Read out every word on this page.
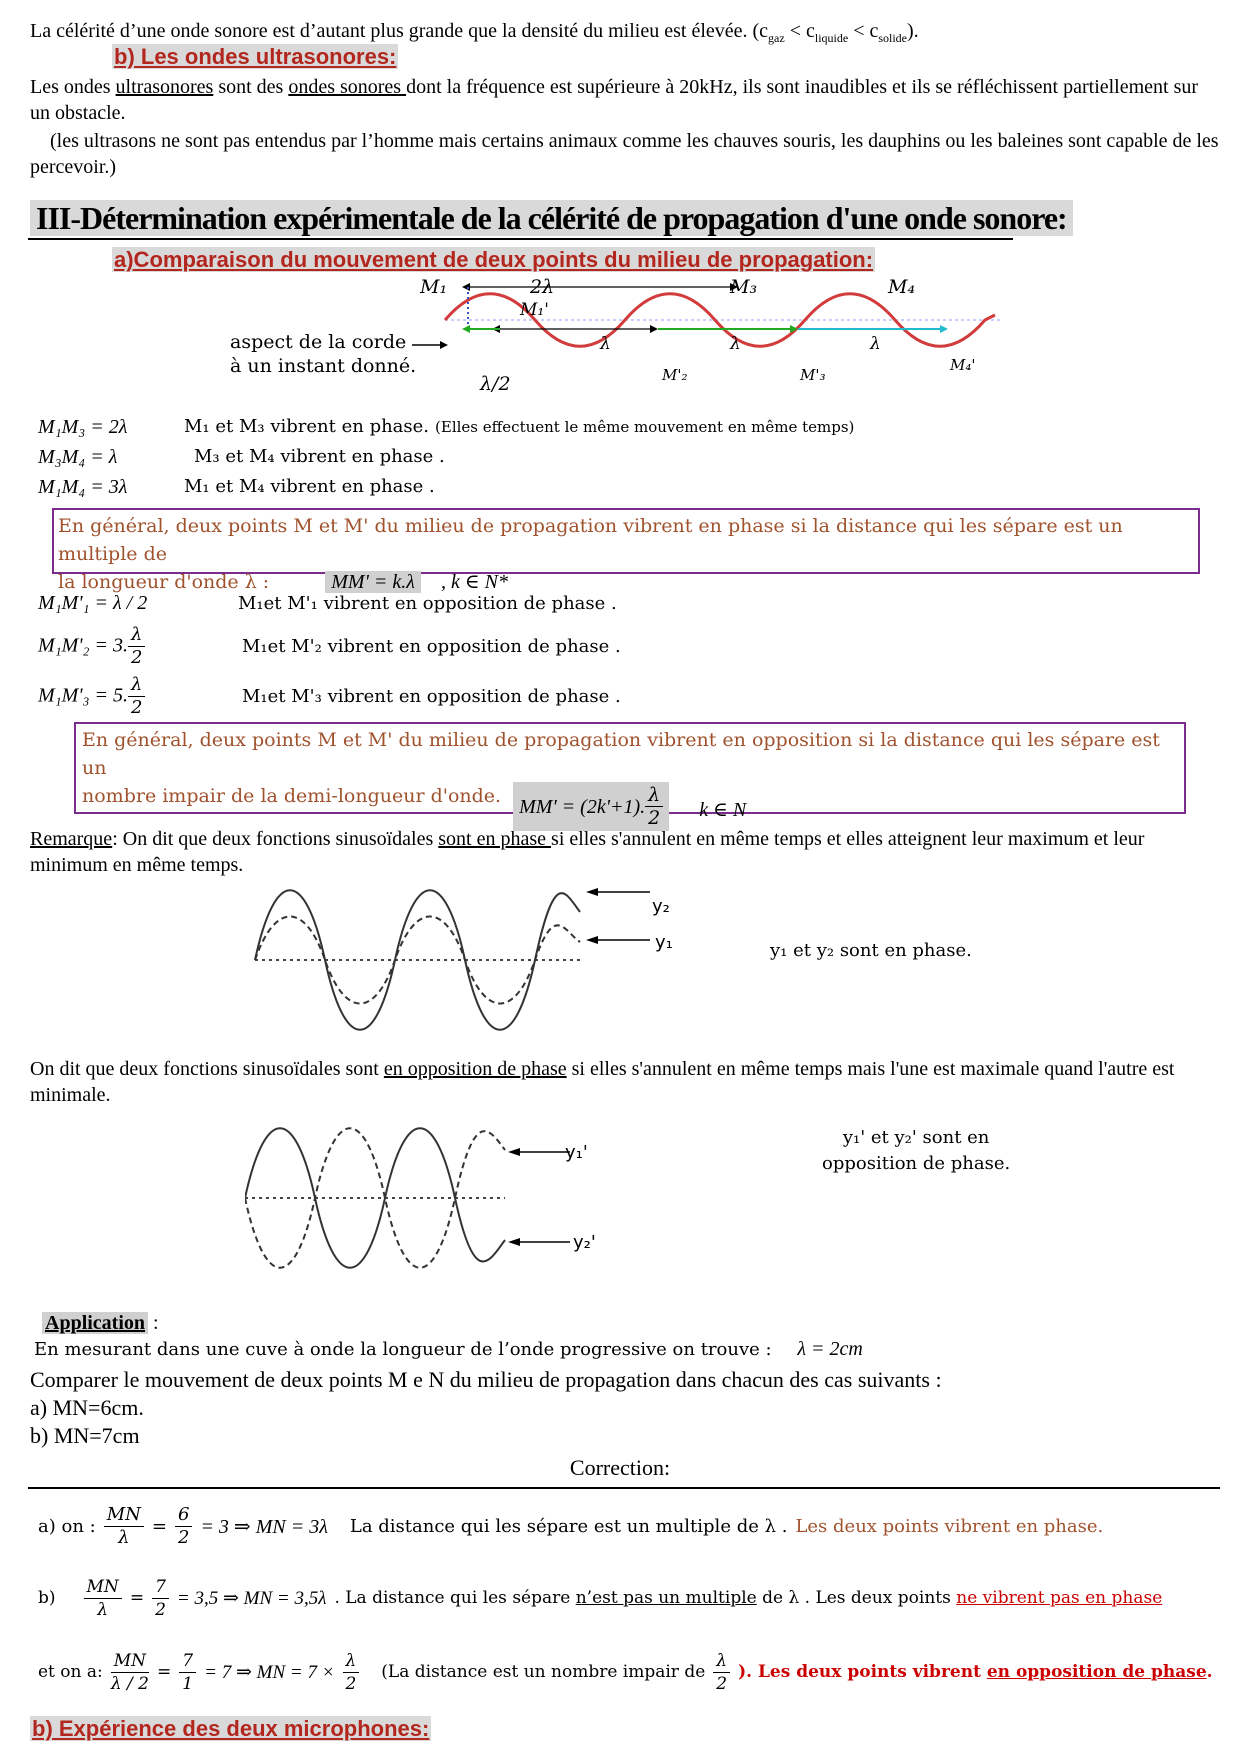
La célérité d’une onde sonore est d’autant plus grande que la densité du milieu est élevée. $(c_{gaz} < c_{liquide} < c_{solide})$.
b) Les ondes ultrasonores:
Les ondes ultrasonores sont des ondes sonores dont la fréquence est supérieure à 20kHz, ils sont inaudibles et ils se réfléchissent partiellement sur un obstacle.
(les ultrasons ne sont pas entendus par l’homme mais certains animaux comme les chauves souris, les dauphins ou les baleines sont capable de les percevoir.)
III-Détermination expérimentale de la célérité de propagation d'une onde sonore:
a)Comparaison du mouvement de deux points du milieu de propagation:
aspect de la corde
à un instant donné.
M₁	2λ	M₃	M₄
M₁'
λ	λ	λ
λ/2	M'₂	M'₃
M₄'
M₁M₃ = 2λ	M₁ et M₃ vibrent en phase. (Elles effectuent le même mouvement en même temps)
M₃M₄ = λ	M₃ et M₄ vibrent en phase .
M₁M₄ = 3λ	M₁ et M₄ vibrent en phase .
En général, deux points M et M' du milieu de propagation vibrent en phase si la distance qui les sépare est un multiple de
la longueur d'onde λ :	MM' = k.λ , k ∈ N*
M₁M'₁ = λ / 2	M₁et M'₁ vibrent en opposition de phase .
M₁M'₂ = 3. $\frac{\lambda}{2}$	M₁et M'₂ vibrent en opposition de phase .
M₁M'₃ = 5. $\frac{\lambda}{2}$	M₁et M'₃ vibrent en opposition de phase .
En général, deux points M et M' du milieu de propagation vibrent en opposition si la distance qui les sépare est un
nombre impair de la demi-longueur d'onde. MM' = (2k'+1). $\frac{\lambda}{2}$ k ∈ N
Remarque: On dit que deux fonctions sinusoïdales sont en phase si elles s'annulent en même temps et elles atteignent leur maximum et leur minimum en même temps.
y₂
y₁	y₁ et y₂ sont en phase.
On dit que deux fonctions sinusoïdales sont en opposition de phase si elles s'annulent en même temps mais l'une est maximale quand l'autre est minimale.
y₁'
y₂'
y₁' et y₂' sont en
opposition de phase.
Application :
En mesurant dans une cuve à onde la longueur de l’onde progressive on trouve : λ = 2cm
Comparer le mouvement de deux points M e N du milieu de propagation dans chacun des cas suivants :
a) MN=6cm.
b) MN=7cm
Correction:
a) on : $\frac{MN}{\lambda} = \frac{6}{2} = 3$ ⇒ MN = 3λ La distance qui les sépare est un multiple de λ . Les deux points vibrent en phase.
$b) \frac{MN}{\lambda} = \frac{7}{2} = 3,5$ ⇒ MN = 3,5λ . La distance qui les sépare n’est pas un multiple de λ . Les deux points ne vibrent pas en phase
et on a: $\frac{MN}{\lambda / 2} = \frac{7}{1} = 7$ ⇒ MN = $7 \times \frac{\lambda}{2} (La$ distance est un nombre impair de $\frac{\lambda}{2}$ ). Les deux points vibrent en opposition de phase.
b) Expérience des deux microphones:
